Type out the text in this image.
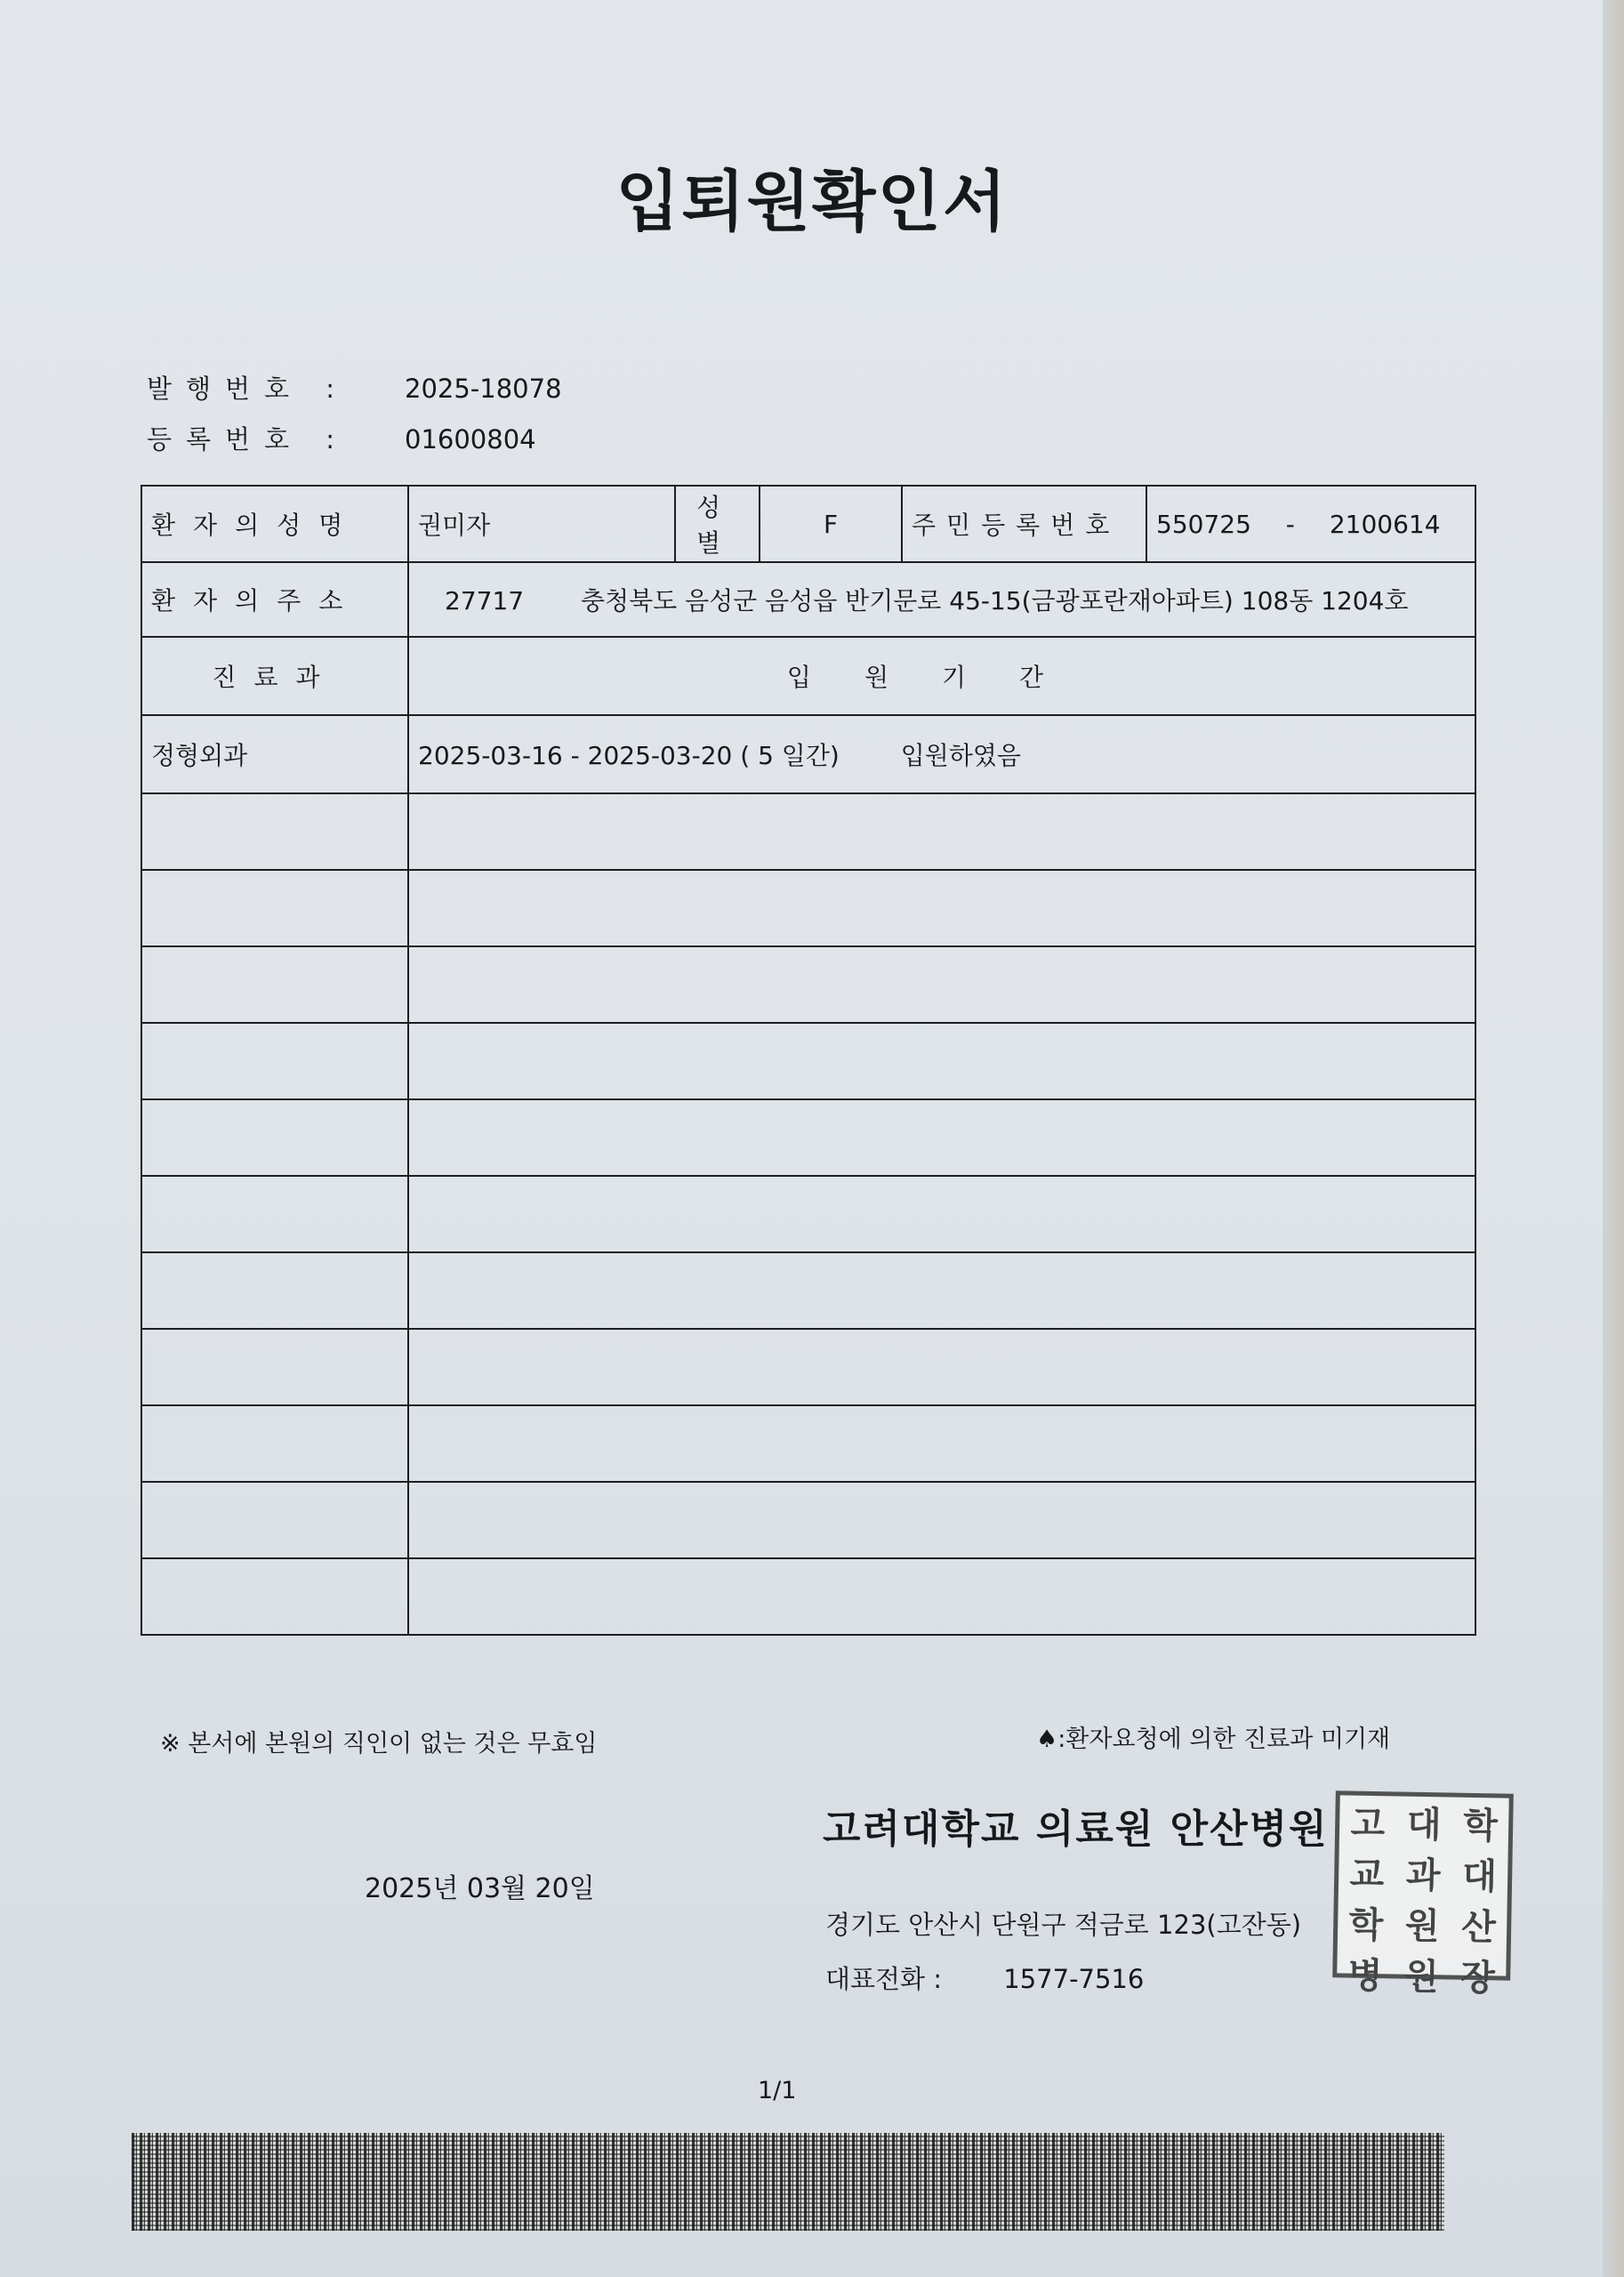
입퇴원확인서
발행번호 : 2025-18078
등록번호 : 01600804
환자의성명	권미자	성별	F	주민등록번호	550725 - 2100614
환자의주소	27717 충청북도 음성군 음성읍 반기문로 45-15(금광포란재아파트) 108동 1204호				
진료과	입원기간				
정형외과	2025-03-16 - 2025-03-20 ( 5 일간) 입원하였음				

※ 본서에 본원의 직인이 없는 것은 무효임	♠:환자요청에 의한 진료과 미기재
2025년 03월 20일
고려대학교 의료원 안산병원 고 대 학
교 과 대
학 원 산
병 원 장
경기도 안산시 단원구 적금로 123(고잔동)
대표전화 : 1577-7516
1/1
